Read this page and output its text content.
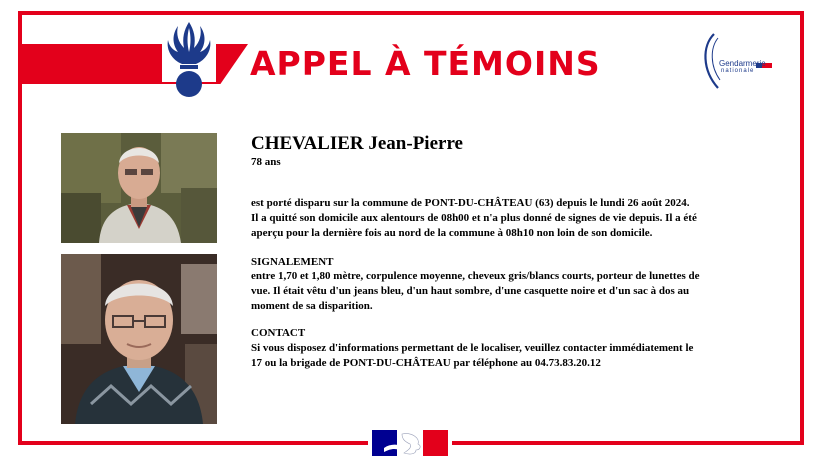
APPEL À TÉMOINS	Gendarmerie
nationale
CHEVALIER Jean-Pierre
78 ans
est porté disparu sur la commune de PONT-DU-CHÂTEAU (63) depuis le lundi 26 août 2024.
Il a quitté son domicile aux alentours de 08h00 et n'a plus donné de signes de vie depuis. Il a été
aperçu pour la dernière fois au nord de la commune à 08h10 non loin de son domicile.
SIGNALEMENT
entre 1,70 et 1,80 mètre, corpulence moyenne, cheveux gris/blancs courts, porteur de lunettes de
vue. Il était vêtu d'un jeans bleu, d'un haut sombre, d'une casquette noire et d'un sac à dos au
moment de sa disparition.
CONTACT
Si vous disposez d'informations permettant de le localiser, veuillez contacter immédiatement le
17 ou la brigade de PONT-DU-CHÂTEAU par téléphone au 04.73.83.20.12
